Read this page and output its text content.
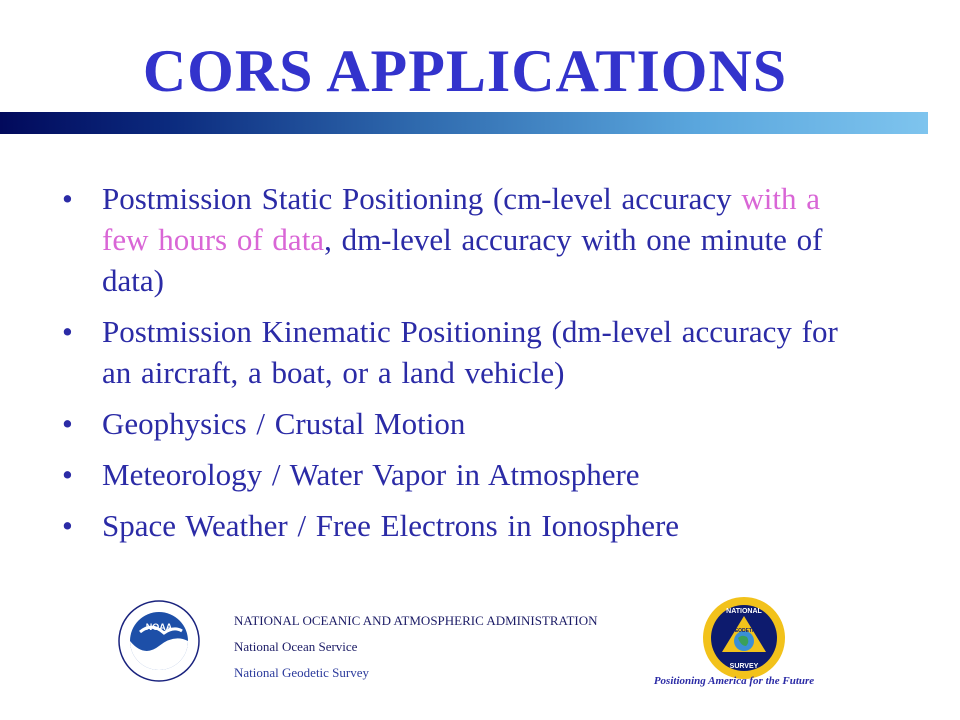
CORS APPLICATIONS
• Postmission Static Positioning (cm-level accuracy with a few hours of data, dm-level accuracy with one minute of data)
• Postmission Kinematic Positioning (dm-level accuracy for an aircraft, a boat, or a land vehicle)
• Geophysics / Crustal Motion
• Meteorology / Water Vapor in Atmosphere
• Space Weather / Free Electrons in Ionosphere
NOAA	NATIONAL OCEANIC AND ATMOSPHERIC ADMINISTRATION
National Ocean Service
National Geodetic Survey
NATIONAL
GEODETIC
SURVEY
Positioning America for the Future
